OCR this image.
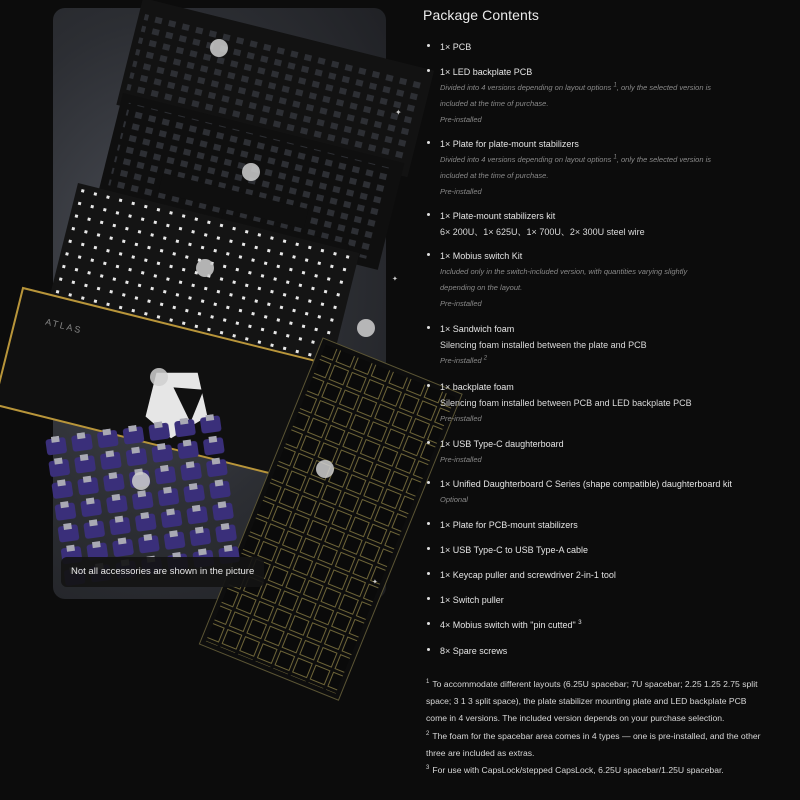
ATLAS
Not all accessories are shown in the picture
✦
✦
✦
Package Contents
1× PCB
1× LED backplate PCB
Divided into 4 versions depending on layout options $^1$, only the selected version is
included at the time of purchase.
Pre-installed
1× Plate for plate-mount stabilizers
Divided into 4 versions depending on layout options $^1$, only the selected version is
included at the time of purchase.
Pre-installed
1× Plate-mount stabilizers kit
6× 200U、1× 625U、1× 700U、2× 300U steel wire
1× Mobius switch Kit
Included only in the switch-included version, with quantities varying slightly
depending on the layout.
Pre-installed
1× Sandwich foam
Silencing foam installed between the plate and PCB
Pre-installed $^2$
1× backplate foam
Silencing foam installed between PCB and LED backplate PCB
Pre-installed
1× USB Type-C daughterboard
Pre-installed
1× Unified Daughterboard C Series (shape compatible) daughterboard kit
Optional
1× Plate for PCB-mount stabilizers
1× USB Type-C to USB Type-A cable
1× Keycap puller and screwdriver 2-in-1 tool
1× Switch puller
4× Mobius switch with "pin cutted" $^3$
8× Spare screws
$^1$ To accommodate different layouts (6.25U spacebar; 7U spacebar; 2.25 1.25 2.75 split space; 3 1 3 split space), the plate stabilizer mounting plate and LED backplate PCB come in 4 versions. The included version depends on your purchase selection.
$^2$ The foam for the spacebar area comes in 4 types — one is pre-installed, and the other three are included as extras.
$^3$ For use with CapsLock/stepped CapsLock, 6.25U spacebar/1.25U spacebar.
